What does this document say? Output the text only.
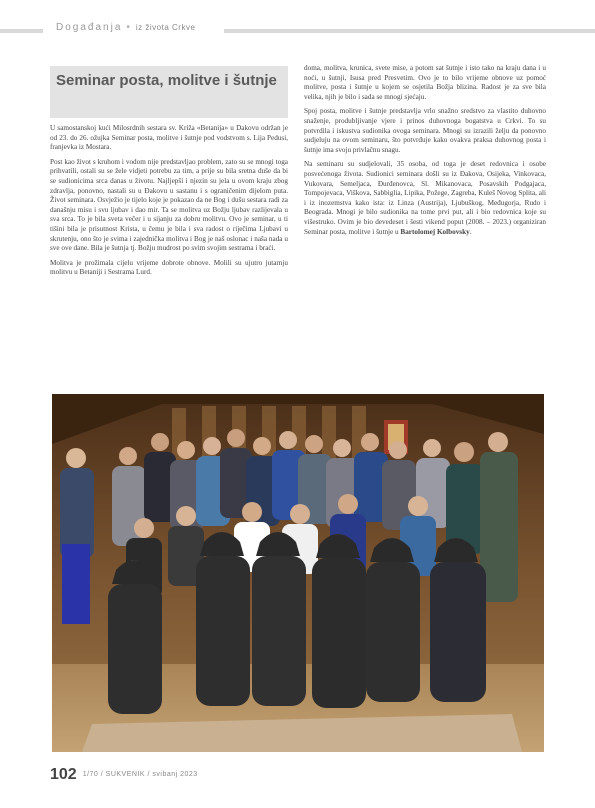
Događanja • iz života Crkve
Seminar posta, molitve i šutnje

U samostanskoj kući Milosrdnih sestara sv. Križa «Betanija» u Dakovu održan je od 23. do 26. ožujka Seminar posta, molitve i šutnje pod vodstvom s. Lija Pedusi, franjevka iz Mostara.

Post kao život s kruhom i vodom nije predstavljao problem, zato su se mnogi toga prihvatili, ostali su se žele vidjeti potrebu za tim, a prije su bila sretna duše da bi se sudionicima srca danas u životu. Najljepši i njezin su jela u ovom kraju zbog zdravlja, ponovno, nastali su u Đakovu u sastanu i s ograničenim dijelom puta. Život seminara. Osvježio je tijelo koje je pokazao da ne Bog i dušu sestara radi za današnju misu i svu ljubav i dao mir. Ta se molitva uz Božju ljubav razlijevala u sva srca. To je bila sveta večer i u sijanju za dobru molitvu. Ovo je seminar, u ti tišini bila je prisutnost Krista, u čemu je bila i sva radost o riječima Ljubavi u skrutenju, ono što je svima i zajednička molitva i Bog je naš oslonac i naša nada u sve ove dane. Bila je šutnja tj. Božju mudrost po svim svojim sestrama i braći.

Molitva je prožimala cijelu vrijeme dobrote obnove. Molili su ujutro jutarnju molitvu u Betaniji i Sestrama Lurd.

doma, molitva, krunica, svete mise, a potom sat šutnje i isto tako na kraju dana i u noći, u šutnji, Isusa pred Presvetim. Ovo je to bilo vrijeme obnove uz pomoć molitve, posta i šutnje u kojem se osjetila Božja blizina. Radost je za sve bila velika, njih je bilo i sada se mnogi sjećaju.

Spoj posta, molitve i šutnje predstavlja vrlo snažno sredstvo za vlastito duhovno snaženje, produbljivanje vjere i prinos duhovnoga bogatstva u Crkvi. To su potvrdila i iskustva sudionika ovoga seminara. Mnogi su izrazili želju da ponovno sudjeluju na ovom seminaru, što potvrđuje kako ovakva praksa duhovnog posta i šutnje ima svoju privlačnu snagu.

Na seminaru su sudjelovali, 35 osoba, od toga je deset redovnica i osobe posvećenoga života. Sudionici seminara došli su iz Đakova, Osijeka, Vinkovaca, Vukovara, Semeljaca, Đurđenovca, Sl. Mikanovaca, Posavskih Podgajaca, Tompojevaca, Viškova, Sabbiglia, Lipika, Požege, Zagreba, Kuleš Novog Splita, ali i iz inozemstva kako ista: iz Linza (Austrija), Ljubuškog, Međugorja, Rudo i Beograda. Mnogi je bilo sudionika na tome prvi put, ali i bio redovnica koje su višestruko. Ovim je bio devedeset i šesti vikend poput (2008. – 2023.) organiziran Seminar posta, molitve i šutnje u Bartolomej Kolbovsky.

102 1/70 / SUKVENIK / svibanj 2023
